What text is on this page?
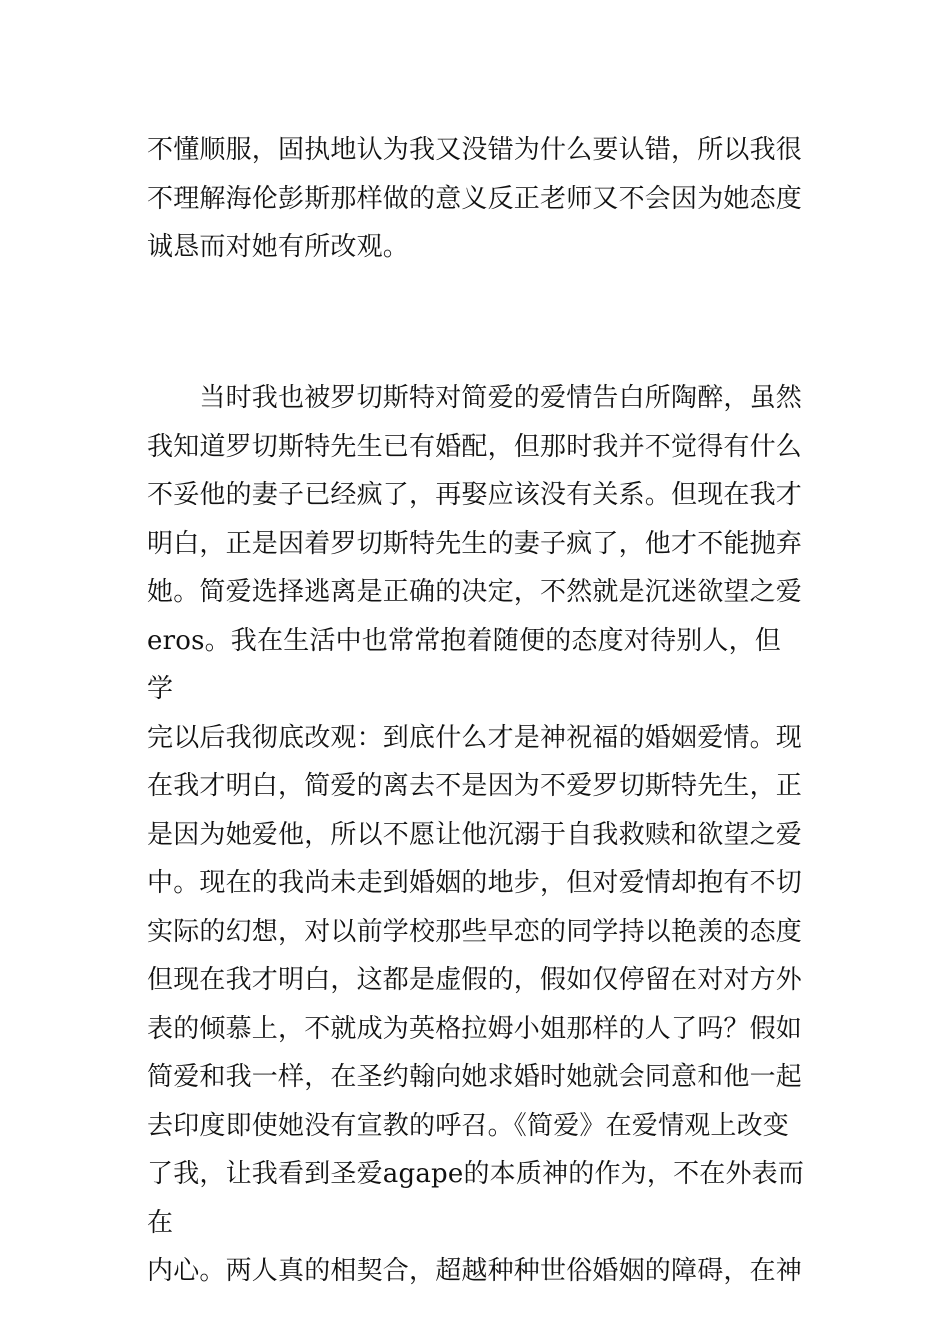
不懂顺服，固执地认为我又没错为什么要认错，所以我很
不理解海伦彭斯那样做的意义反正老师又不会因为她态度
诚恳而对她有所改观。

　　当时我也被罗切斯特对简爱的爱情告白所陶醉，虽然
我知道罗切斯特先生已有婚配，但那时我并不觉得有什么
不妥他的妻子已经疯了，再娶应该没有关系。但现在我才
明白，正是因着罗切斯特先生的妻子疯了，他才不能抛弃
她。简爱选择逃离是正确的决定，不然就是沉迷欲望之爱
eros。我在生活中也常常抱着随便的态度对待别人，但学
完以后我彻底改观：到底什么才是神祝福的婚姻爱情。现
在我才明白，简爱的离去不是因为不爱罗切斯特先生，正
是因为她爱他，所以不愿让他沉溺于自我救赎和欲望之爱
中。现在的我尚未走到婚姻的地步，但对爱情却抱有不切
实际的幻想，对以前学校那些早恋的同学持以艳羡的态度
但现在我才明白，这都是虚假的，假如仅停留在对对方外
表的倾慕上，不就成为英格拉姆小姐那样的人了吗？假如
简爱和我一样，在圣约翰向她求婚时她就会同意和他一起
去印度即使她没有宣教的呼召。《简爱》在爱情观上改变
了我，让我看到圣爱agape的本质神的作为，不在外表而在
内心。两人真的相契合，超越种种世俗婚姻的障碍，在神
